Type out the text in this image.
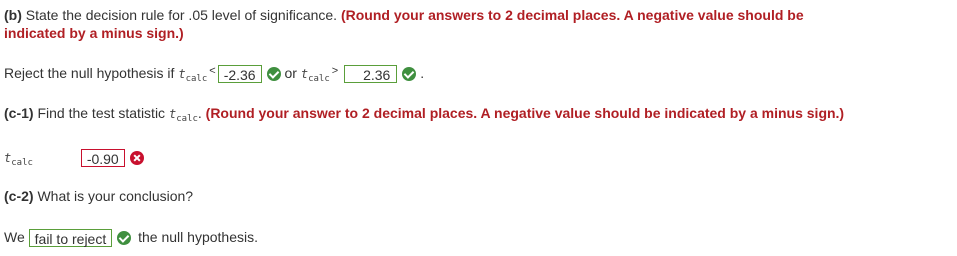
(b) State the decision rule for .05 level of significance. (Round your answers to 2 decimal places. A negative value should be
indicated by a minus sign.)
Reject the null hypothesis if $t_{calc}^<$ -2.36 or $t_{calc}^>$ 2.36 .
(c-1) Find the test statistic $t_{calc}$. (Round your answer to 2 decimal places. A negative value should be indicated by a minus sign.)
$t_{calc}$	-0.90
(c-2) What is your conclusion?
We fail to reject the null hypothesis.
